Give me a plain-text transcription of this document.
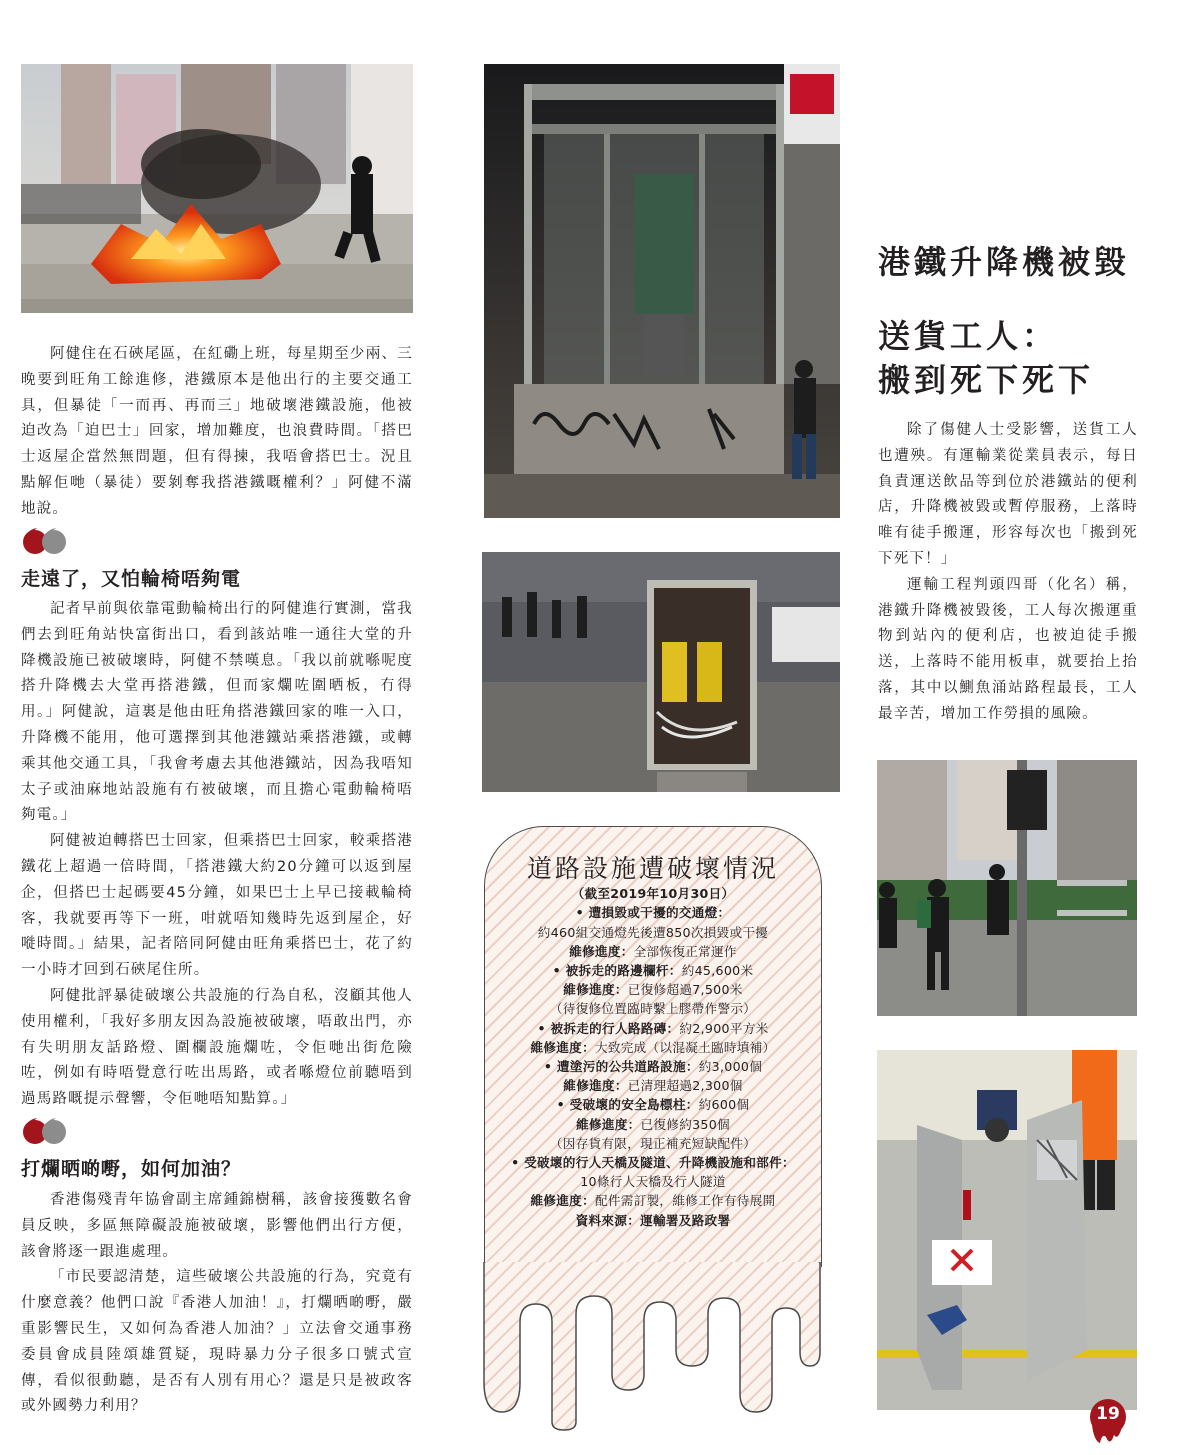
阿健住在石硤尾區，在紅磡上班，每星期至少兩、三晚要到旺角工餘進修，港鐵原本是他出行的主要交通工具，但暴徒「一而再、再而三」地破壞港鐵設施，他被迫改為「迫巴士」回家，增加難度，也浪費時間。「搭巴士返屋企當然無問題，但有得揀，我唔會搭巴士。況且點解佢哋（暴徒）要剝奪我搭港鐵嘅權利？」阿健不滿地說。

走遠了，又怕輪椅唔夠電

記者早前與依靠電動輪椅出行的阿健進行實測，當我們去到旺角站快富街出口，看到該站唯一通往大堂的升降機設施已被破壞時，阿健不禁嘆息。「我以前就喺呢度搭升降機去大堂再搭港鐵，但而家爛咗圍晒板，冇得用。」阿健說，這裏是他由旺角搭港鐵回家的唯一入口，升降機不能用，他可選擇到其他港鐵站乘搭港鐵，或轉乘其他交通工具，「我會考慮去其他港鐵站，因為我唔知太子或油麻地站設施有冇被破壞，而且擔心電動輪椅唔夠電。」

阿健被迫轉搭巴士回家，但乘搭巴士回家，較乘搭港鐵花上超過一倍時間，「搭港鐵大約20分鐘可以返到屋企，但搭巴士起碼要45分鐘，如果巴士上早已接載輪椅客，我就要再等下一班，咁就唔知幾時先返到屋企，好嘥時間。」結果，記者陪同阿健由旺角乘搭巴士，花了約一小時才回到石硤尾住所。

阿健批評暴徒破壞公共設施的行為自私，沒顧其他人使用權利，「我好多朋友因為設施被破壞，唔敢出門，亦有失明朋友話路燈、圍欄設施爛咗，令佢哋出街危險咗，例如有時唔覺意行咗出馬路，或者喺燈位前聽唔到過馬路嘅提示聲響，令佢哋唔知點算。」

打爛晒啲嘢，如何加油？

香港傷殘青年協會副主席鍾錦樹稱，該會接獲數名會員反映，多區無障礙設施被破壞，影響他們出行方便，該會將逐一跟進處理。

「市民要認清楚，這些破壞公共設施的行為，究竟有什麼意義？他們口說『香港人加油！』，打爛晒啲嘢，嚴重影響民生，又如何為香港人加油？」立法會交通事務委員會成員陸頌雄質疑，現時暴力分子很多口號式宣傳，看似很動聽，是否有人別有用心？還是只是被政客或外國勢力利用？

道路設施遭破壞情況
（截至2019年10月30日）
• 遭損毀或干擾的交通燈：
約460組交通燈先後遭850次損毀或干擾
維修進度：全部恢復正常運作
• 被拆走的路邊欄杆：約45,600米
維修進度：已復修超過7,500米
（待復修位置臨時繫上膠帶作警示）
• 被拆走的行人路路磚：約2,900平方米
維修進度：大致完成（以混凝土臨時填補）
• 遭塗污的公共道路設施：約3,000個
維修進度：已清理超過2,300個
• 受破壞的安全島標柱：約600個
維修進度：已復修約350個
（因存貨有限，現正補充短缺配件）
• 受破壞的行人天橋及隧道、升降機設施和部件：
10條行人天橋及行人隧道
維修進度：配件需訂製，維修工作有待展開
資料來源：運輸署及路政署
港鐵升降機被毀
送貨工人：
搬到死下死下

除了傷健人士受影響，送貨工人也遭殃。有運輸業從業員表示，每日負責運送飲品等到位於港鐵站的便利店，升降機被毀或暫停服務，上落時唯有徒手搬運，形容每次也「搬到死下死下！」

運輸工程判頭四哥（化名）稱，港鐵升降機被毀後，工人每次搬運重物到站內的便利店，也被迫徒手搬送，上落時不能用板車，就要抬上抬落，其中以鰂魚涌站路程最長，工人最辛苦，增加工作勞損的風險。

縱暴派罪證實錄
大公報特刊
19
